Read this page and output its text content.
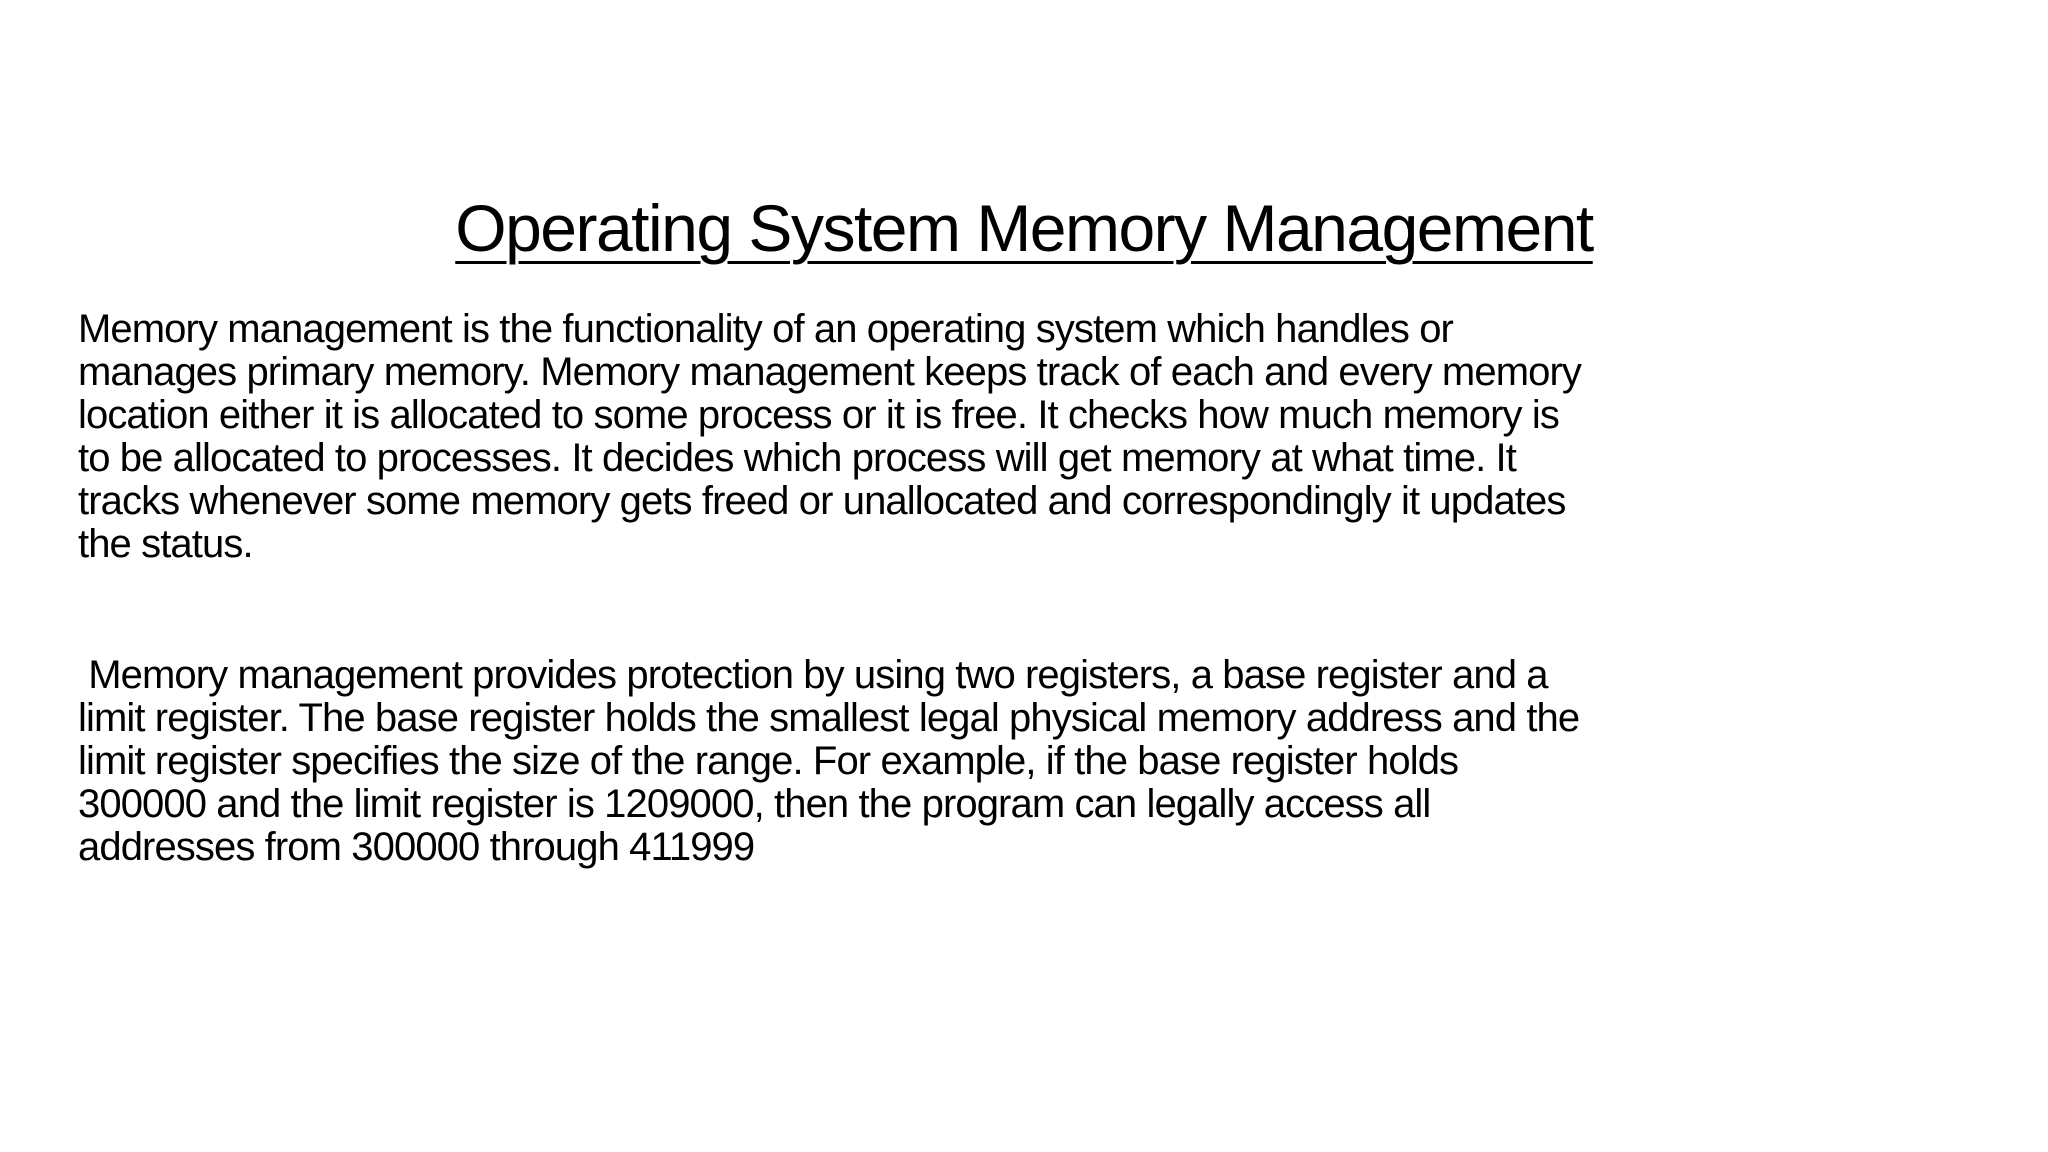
Operating System Memory Management

Memory management is the functionality of an operating system which handles or
manages primary memory. Memory management keeps track of each and every memory
location either it is allocated to some process or it is free. It checks how much memory is
to be allocated to processes. It decides which process will get memory at what time. It
tracks whenever some memory gets freed or unallocated and correspondingly it updates
the status.

Memory management provides protection by using two registers, a base register and a
limit register. The base register holds the smallest legal physical memory address and the
limit register specifies the size of the range. For example, if the base register holds
300000 and the limit register is 1209000, then the program can legally access all
addresses from 300000 through 411999
